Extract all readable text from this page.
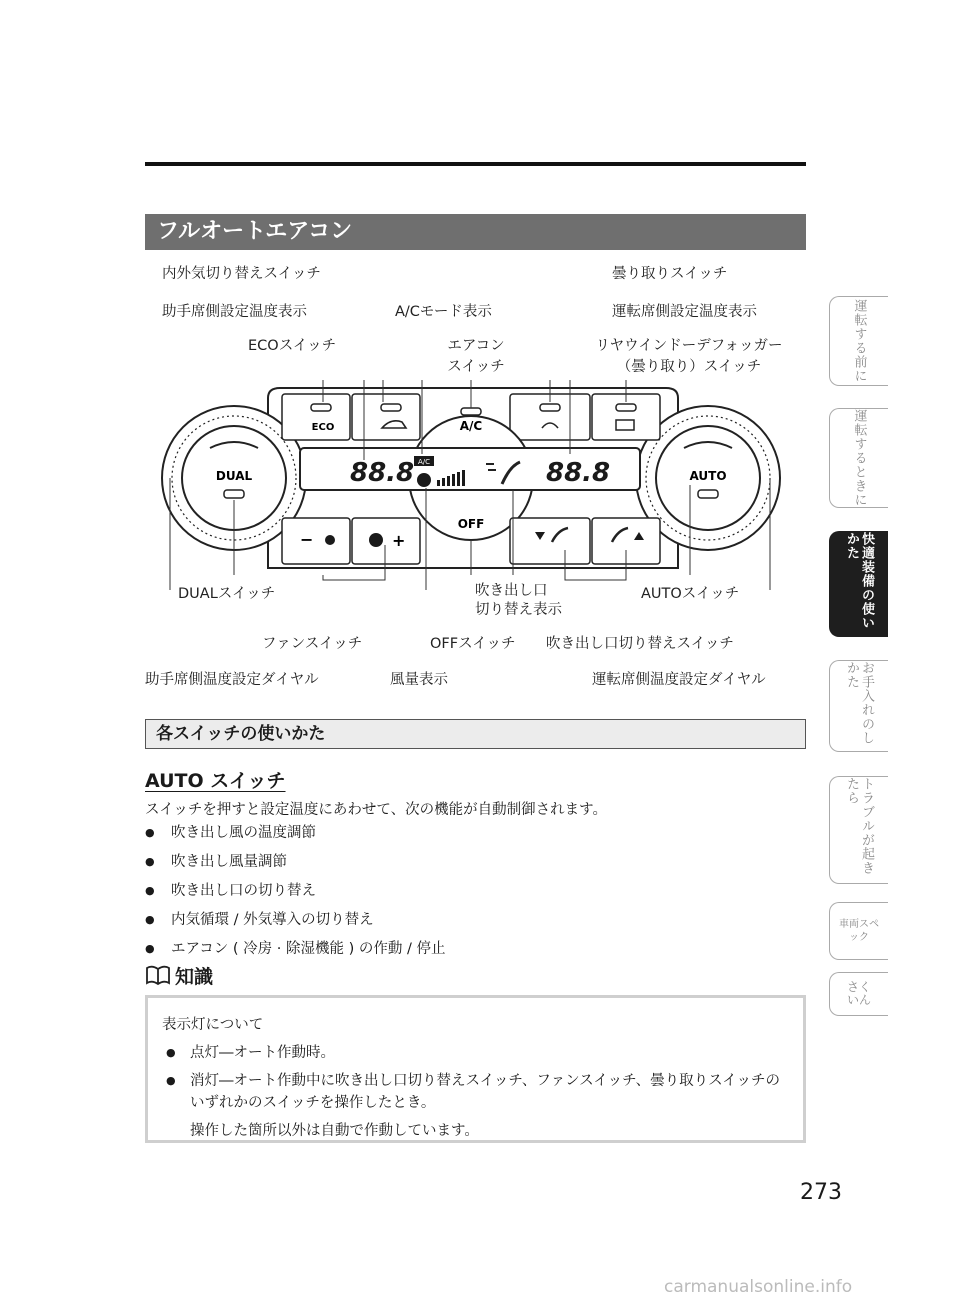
フルオートエアコン
内外気切り替えスイッチ	曇り取りスイッチ
助手席側設定温度表示	A/Cモード表示	運転席側設定温度表示
ECOスイッチ	エアコン
スイッチ
リヤウインドーデフォッガー
（曇り取り）スイッチ
DUALスイッチ	吹き出し口
切り替え表示
AUTOスイッチ
ファンスイッチ	OFFスイッチ 吹き出し口切り替えスイッチ
助手席側温度設定ダイヤル	風量表示	運転席側温度設定ダイヤル
DUAL	AUTO
ECO	A/C
OFF
88.8	88.8
A/C
−	+
各スイッチの使いかた
AUTO スイッチ
スイッチを押すと設定温度にあわせて、次の機能が自動制御されます。
● 吹き出し風の温度調節
● 吹き出し風量調節
● 吹き出し口の切り替え
● 内気循環 / 外気導入の切り替え
● エアコン ( 冷房 · 除湿機能 ) の作動 / 停止
知識
表示灯について
● 点灯―オート作動時。
● 消灯―オート作動中に吹き出し口切り替えスイッチ、ファンスイッチ、曇り取りスイッチのいずれかのスイッチを操作したとき。
操作した箇所以外は自動で作動しています。
273
運転する前に
運転するときに
快適装備の使いかた
お手入れのしかた
トラブルが起きたら
車両スペック
さくいん
carmanualsonline.info
